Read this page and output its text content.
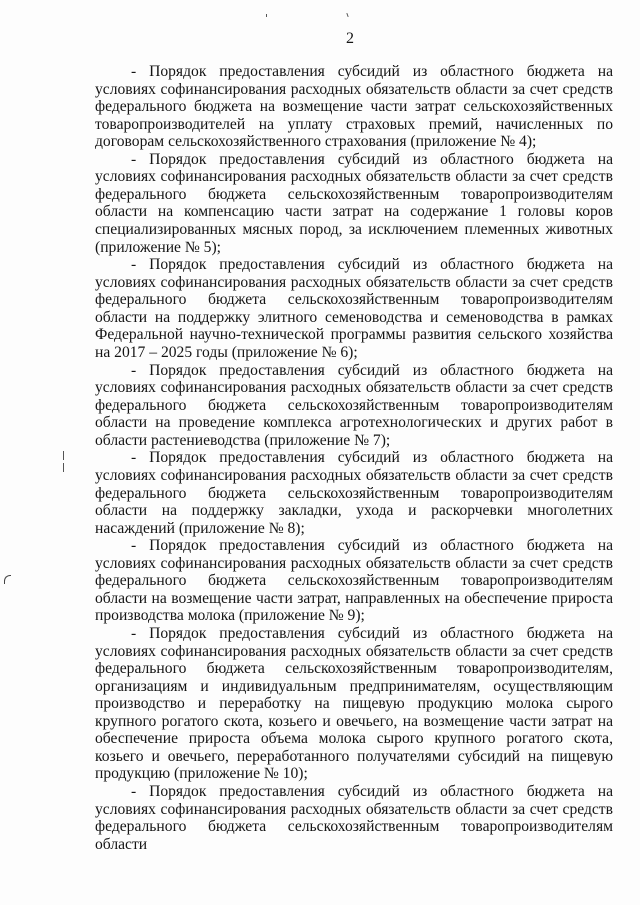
2

- Порядок предоставления субсидий из областного бюджета на условиях софинансирования расходных обязательств области за счет средств федерального бюджета на возмещение части затрат сельскохозяйственных товаропроизводителей на уплату страховых премий, начисленных по договорам сельскохозяйственного страхования (приложение № 4);

- Порядок предоставления субсидий из областного бюджета на условиях софинансирования расходных обязательств области за счет средств федерального бюджета сельскохозяйственным товаропроизводителям области на компенсацию части затрат на содержание 1 головы коров специализированных мясных пород, за исключением племенных животных (приложение № 5);

- Порядок предоставления субсидий из областного бюджета на условиях софинансирования расходных обязательств области за счет средств федерального бюджета сельскохозяйственным товаропроизводителям области на поддержку элитного семеноводства и семеноводства в рамках Федеральной научно-технической программы развития сельского хозяйства на 2017 – 2025 годы (приложение № 6);

- Порядок предоставления субсидий из областного бюджета на условиях софинансирования расходных обязательств области за счет средств федерального бюджета сельскохозяйственным товаропроизводителям области на проведение комплекса агротехнологических и других работ в области растениеводства (приложение № 7);

- Порядок предоставления субсидий из областного бюджета на условиях софинансирования расходных обязательств области за счет средств федерального бюджета сельскохозяйственным товаропроизводителям области на поддержку закладки, ухода и раскорчевки многолетних насаждений (приложение № 8);

- Порядок предоставления субсидий из областного бюджета на условиях софинансирования расходных обязательств области за счет средств федерального бюджета сельскохозяйственным товаропроизводителям области на возмещение части затрат, направленных на обеспечение прироста производства молока (приложение № 9);

- Порядок предоставления субсидий из областного бюджета на условиях софинансирования расходных обязательств области за счет средств федерального бюджета сельскохозяйственным товаропроизводителям, организациям и индивидуальным предпринимателям, осуществляющим производство и переработку на пищевую продукцию молока сырого крупного рогатого скота, козьего и овечьего, на возмещение части затрат на обеспечение прироста объема молока сырого крупного рогатого скота, козьего и овечьего, переработанного получателями субсидий на пищевую продукцию (приложение № 10);

- Порядок предоставления субсидий из областного бюджета на условиях софинансирования расходных обязательств области за счет средств федерального бюджета сельскохозяйственным товаропроизводителям области
